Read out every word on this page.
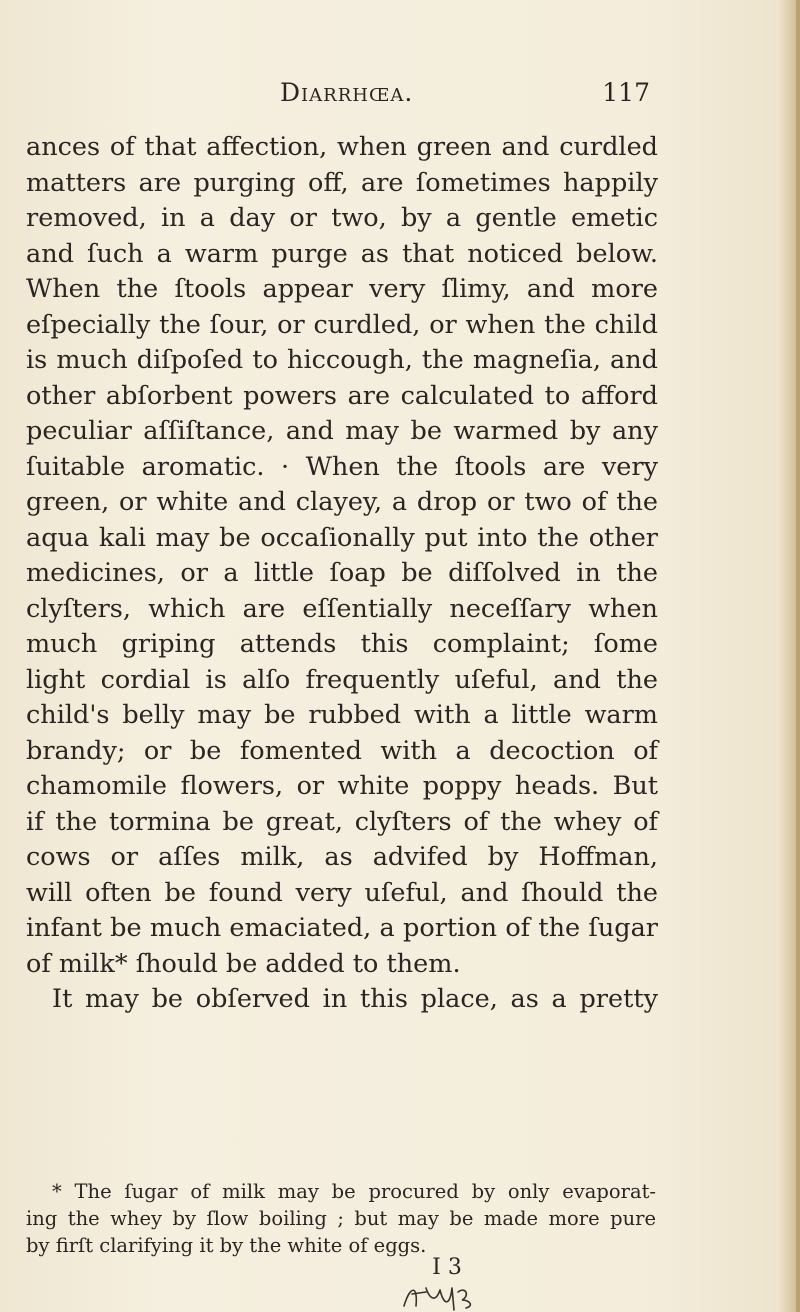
Diarrhœa.	117
ances of that affection, when green and curdled
matters are purging off, are ſometimes happily
removed, in a day or two, by a gentle emetic
and ſuch a warm purge as that noticed below.
When the ſtools appear very ſlimy, and more
eſpecially the ſour, or curdled, or when the child
is much diſpoſed to hiccough, the magneſia, and
other abſorbent powers are calculated to afford
peculiar aſſiſtance, and may be warmed by any
ſuitable aromatic. · When the ſtools are very
green, or white and clayey, a drop or two of the
aqua kali may be occaſionally put into the other
medicines, or a little ſoap be diſſolved in the
clyſters, which are eſſentially neceſſary when
much griping attends this complaint; ſome
light cordial is alſo frequently uſeful, and the
child's belly may be rubbed with a little warm
brandy; or be fomented with a decoction of
chamomile flowers, or white poppy heads. But
if the tormina be great, clyſters of the whey of
cows or aſſes milk, as advifed by Hoffman,
will often be found very uſeful, and ſhould the
infant be much emaciated, a portion of the ſugar
of milk* ſhould be added to them.
It may be obſerved in this place, as a pretty
* The ſugar of milk may be procured by only evaporat-
ing the whey by ſlow boiling ; but may be made more pure
by firſt clarifying it by the white of eggs.
I 3
